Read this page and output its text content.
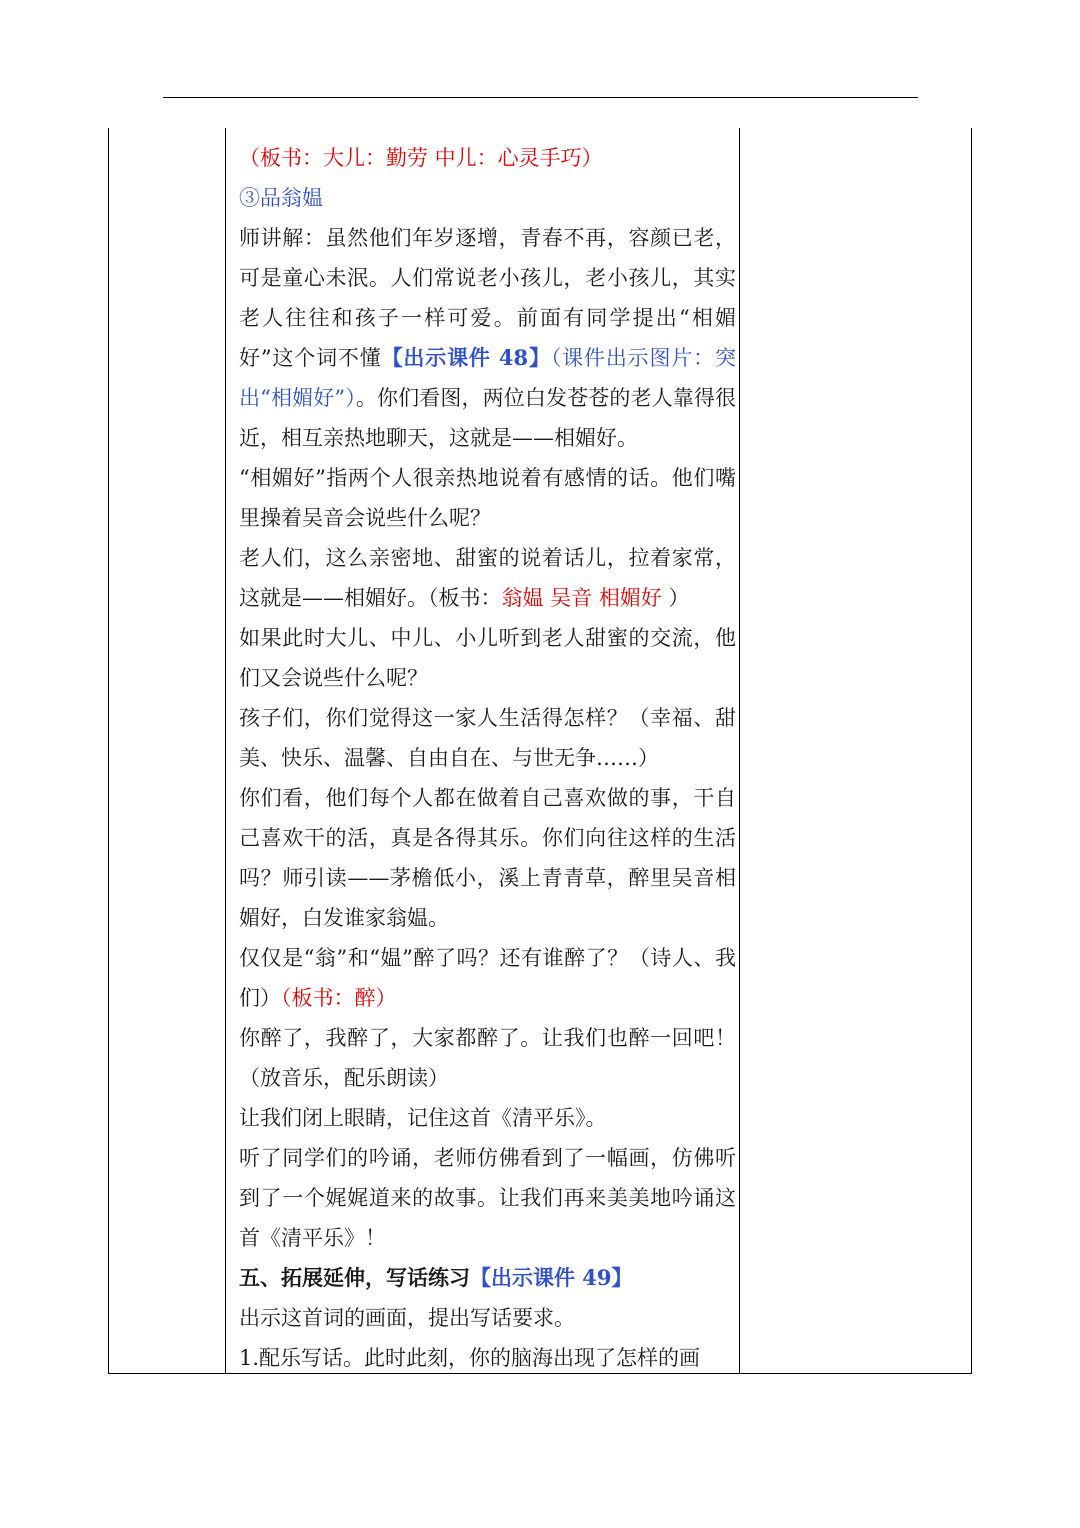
（板书：大儿：勤劳 中儿：心灵手巧）

③品翁媪

师讲解：虽然他们年岁逐增，青春不再，容颜已老，可是童心未泯。人们常说老小孩儿，老小孩儿，其实老人往往和孩子一样可爱。前面有同学提出“相媚好”这个词不懂【出示课件 48】（课件出示图片：突出“相媚好”）。你们看图，两位白发苍苍的老人靠得很近，相互亲热地聊天，这就是——相媚好。

“相媚好”指两个人很亲热地说着有感情的话。他们嘴里操着吴音会说些什么呢？

老人们，这么亲密地、甜蜜的说着话儿，拉着家常，这就是——相媚好。（板书：翁媪 吴音 相媚好 ）

如果此时大儿、中儿、小儿听到老人甜蜜的交流，他们又会说些什么呢？

孩子们，你们觉得这一家人生活得怎样？（幸福、甜美、快乐、温馨、自由自在、与世无争……）

你们看，他们每个人都在做着自己喜欢做的事，干自己喜欢干的活，真是各得其乐。你们向往这样的生活吗？师引读——茅檐低小，溪上青青草，醉里吴音相媚好，白发谁家翁媪。

仅仅是“翁”和“媪”醉了吗？还有谁醉了？（诗人、我们）（板书：醉）

你醉了，我醉了，大家都醉了。让我们也醉一回吧！（放音乐，配乐朗读）

让我们闭上眼睛，记住这首《清平乐》。

听了同学们的吟诵，老师仿佛看到了一幅画，仿佛听到了一个娓娓道来的故事。让我们再来美美地吟诵这首《清平乐》！

五、拓展延伸，写话练习【出示课件 49】

出示这首词的画面，提出写话要求。

1.配乐写话。此时此刻，你的脑海出现了怎样的画
